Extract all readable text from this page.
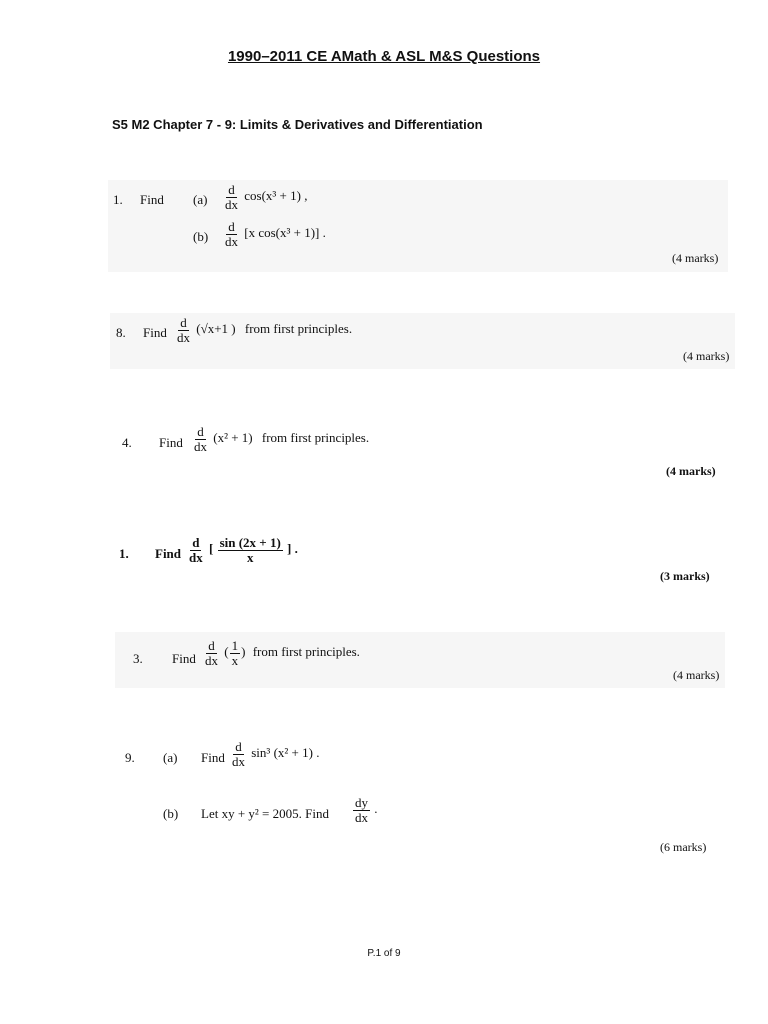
1990–2011 CE AMath & ASL M&S Questions
S5 M2 Chapter 7 - 9: Limits & Derivatives and Differentiation
1. Find $(a) \frac{d}{dx} \cos(x^3 + 1)$ ,
$(b) \frac{d}{dx} [x$ cos(x³ + 1)] .
(4 marks)
8. Find $\frac{d}{dx} (√x+1$ ) from first principles.
(4 marks)
4. Find $\frac{d}{dx} (x^2 + 1)$ from first principles.
(4 marks)
1. Find $\frac{d}{dx}$ [ $\frac{\sin (2x + 1)}{x}$ ] .
(3 marks)
3. Find $\frac{d}{dx}$ ( $\frac{1}{x}$ ) from first principles.
(4 marks)
9. (a) Find $\frac{d}{dx} \sin^3$ (x² + 1) .
(b) Let xy + y² = 2005. Find $\frac{dy}{dx}$ .
(6 marks)
P.1 of 9
